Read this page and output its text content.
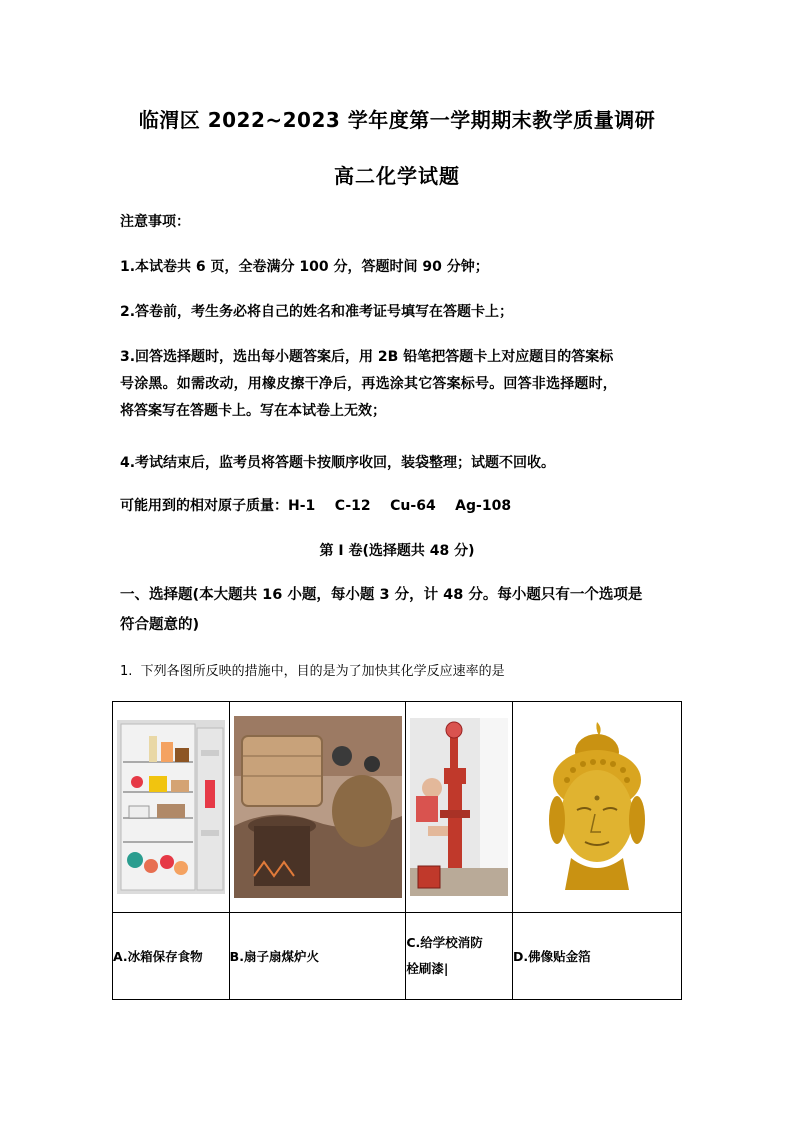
临渭区 2022~2023 学年度第一学期期末教学质量调研
高二化学试题
注意事项：
1.本试卷共 6 页，全卷满分 100 分，答题时间 90 分钟；
2.答卷前，考生务必将自己的姓名和准考证号填写在答题卡上；
3.回答选择题时，选出每小题答案后，用 2B 铅笔把答题卡上对应题目的答案标
号涂黑。如需改动，用橡皮擦干净后，再选涂其它答案标号。回答非选择题时，
将答案写在答题卡上。写在本试卷上无效；
4.考试结束后，监考员将答题卡按顺序收回，装袋整理；试题不回收。
可能用到的相对原子质量：H-1    C-12    Cu-64    Ag-108
第 I 卷(选择题共 48 分)
一、选择题(本大题共 16 小题，每小题 3 分，计 48 分。每小题只有一个选项是
符合题意的)
1.  下列各图所反映的措施中，目的是为了加快其化学反应速率的是

A.冰箱保存食物	B.扇子扇煤炉火	C.给学校消防
栓刷漆|	D.佛像贴金箔
